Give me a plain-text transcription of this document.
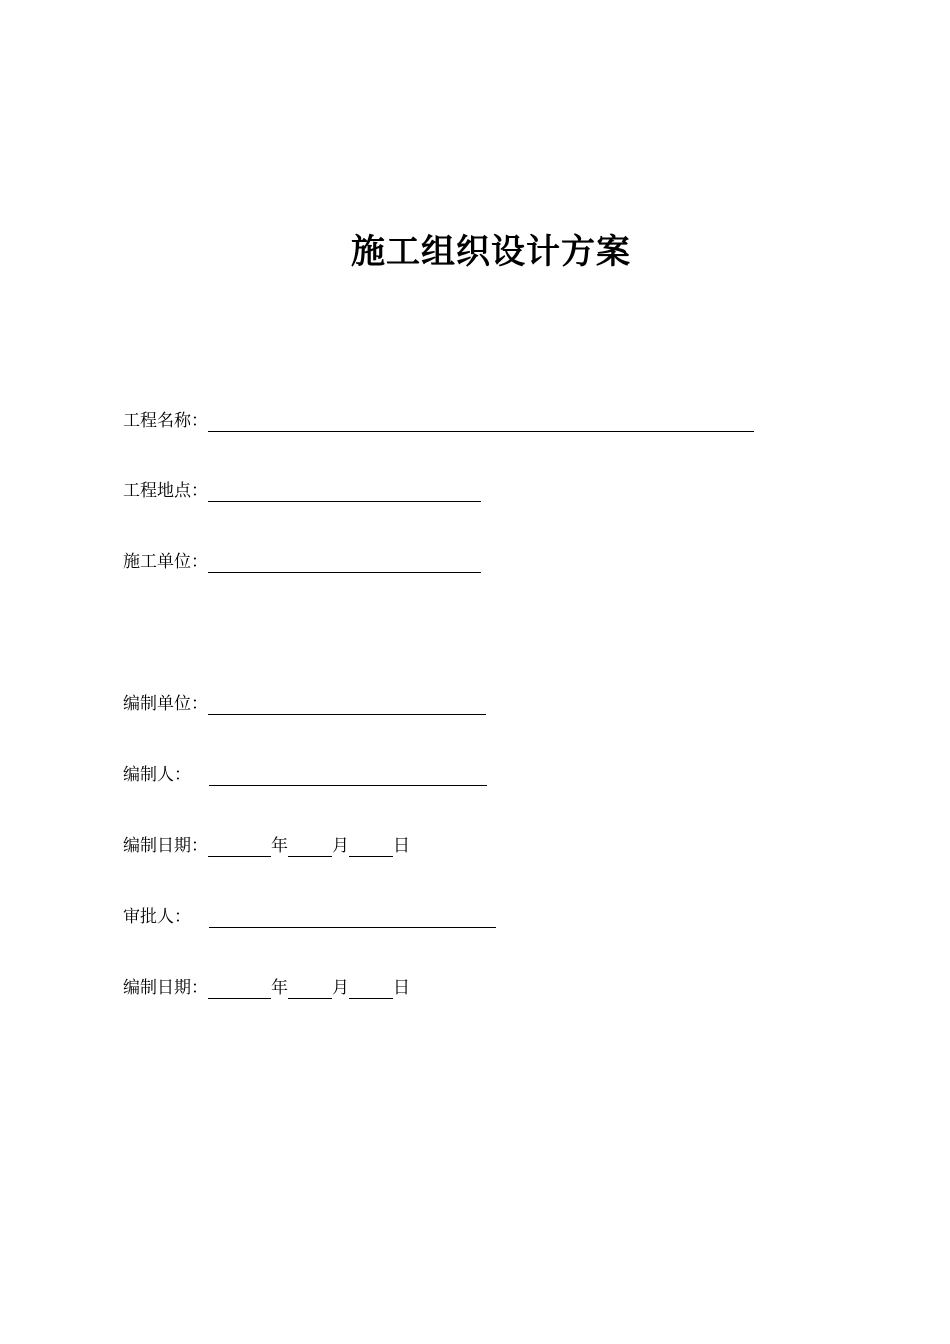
施工组织设计方案
工程名称：
工程地点：
施工单位：
编制单位：
编制人：
编制日期：	年	月	日
审批人：
编制日期：	年	月	日
